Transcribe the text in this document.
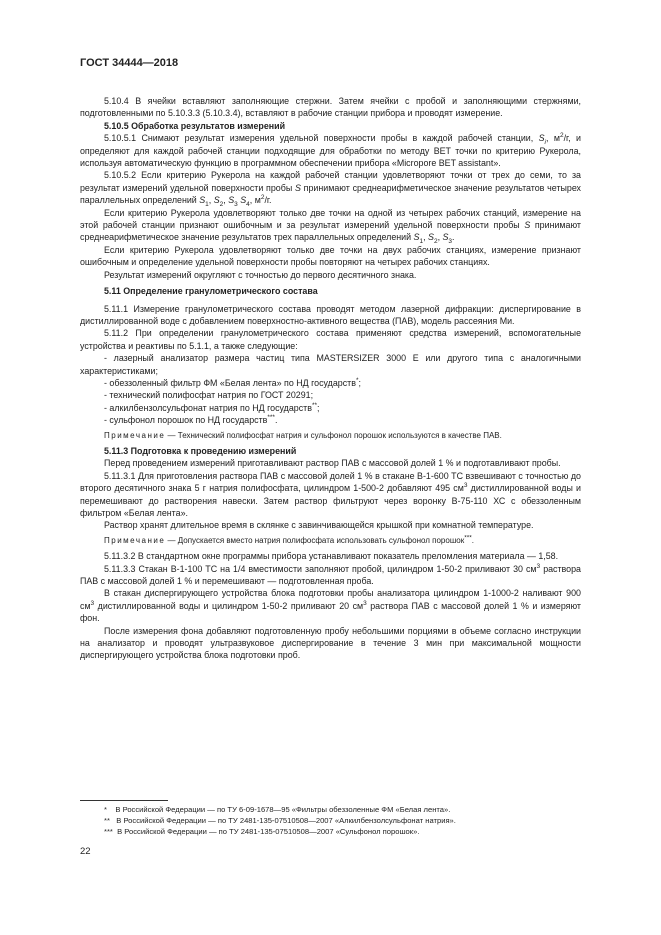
ГОСТ 34444—2018

5.10.4 В ячейки вставляют заполняющие стержни. Затем ячейки с пробой и заполняющими стержнями, подготовленными по 5.10.3.3 (5.10.3.4), вставляют в рабочие станции прибора и проводят измерение.

5.10.5 Обработка результатов измерений

5.10.5.1 Снимают результат измерения удельной поверхности пробы в каждой рабочей станции, $S_i$, $м^2/г$, и определяют для каждой рабочей станции подходящие для обработки по методу BET точки по критерию Рукерола, используя автоматическую функцию в программном обеспечении прибора «Micropore BET assistant».

5.10.5.2 Если критерию Рукерола на каждой рабочей станции удовлетворяют точки от трех до семи, то за результат измерений удельной поверхности пробы S принимают среднеарифметическое значение результатов четырех параллельных определений $S_1$, $S_2$, $S_3$ $S_4$, $м^2/г$.

Если критерию Рукерола удовлетворяют только две точки на одной из четырех рабочих станций, измерение на этой рабочей станции признают ошибочным и за результат измерений удельной поверхности пробы S принимают среднеарифметическое значение результатов трех параллельных определений $S_1$, $S_2$, $S_3$.

Если критерию Рукерола удовлетворяют только две точки на двух рабочих станциях, измерение признают ошибочным и определение удельной поверхности пробы повторяют на четырех рабочих станциях.

Результат измерений округляют с точностью до первого десятичного знака.

5.11 Определение гранулометрического состава

5.11.1 Измерение гранулометрического состава проводят методом лазерной дифракции: диспергирование в дистиллированной воде с добавлением поверхностно-активного вещества (ПАВ), модель рассеяния Ми.

5.11.2 При определении гранулометрического состава применяют средства измерений, вспомогательные устройства и реактивы по 5.1.1, а также следующие:

- лазерный анализатор размера частиц типа MASTERSIZER 3000 E или другого типа с аналогичными характеристиками;

- обеззоленный фильтр ФМ «Белая лента» по НД государств*;

- технический полифосфат натрия по ГОСТ 20291;

- алкилбензолсульфонат натрия по НД государств**;

- сульфонол порошок по НД государств***.

Примечание — Технический полифосфат натрия и сульфонол порошок используются в качестве ПАВ.

5.11.3 Подготовка к проведению измерений

Перед проведением измерений приготавливают раствор ПАВ с массовой долей 1 % и подготавливают пробы.

5.11.3.1 Для приготовления раствора ПАВ с массовой долей 1 % в стакане В-1-600 ТС взвешивают с точностью до второго десятичного знака 5 г натрия полифосфата, цилиндром 1-500-2 добавляют 495 $см^3$ дистиллированной воды и перемешивают до растворения навески. Затем раствор фильтруют через воронку В-75-110 ХС с обеззоленным фильтром «Белая лента».

Раствор хранят длительное время в склянке с завинчивающейся крышкой при комнатной температуре.

Примечание — Допускается вместо натрия полифосфата использовать сульфонол порошок***.

5.11.3.2 В стандартном окне программы прибора устанавливают показатель преломления материала — 1,58.

5.11.3.3 Стакан В-1-100 ТС на 1/4 вместимости заполняют пробой, цилиндром 1-50-2 приливают 30 $см^3$ раствора ПАВ с массовой долей 1 % и перемешивают — подготовленная проба.

В стакан диспергирующего устройства блока подготовки пробы анализатора цилиндром 1-1000-2 наливают 900 $см^3$ дистиллированной воды и цилиндром 1-50-2 приливают 20 $см^3$ раствора ПАВ с массовой долей 1 % и измеряют фон.

После измерения фона добавляют подготовленную пробу небольшими порциями в объеме согласно инструкции на анализатор и проводят ультразвуковое диспергирование в течение 3 мин при максимальной мощности диспергирующего устройства блока подготовки проб.

* В Российской Федерации — по ТУ 6-09-1678—95 «Фильтры обеззоленные ФМ «Белая лента».
** В Российской Федерации — по ТУ 2481-135-07510508—2007 «Алкилбензолсульфонат натрия».
*** В Российской Федерации — по ТУ 2481-135-07510508—2007 «Сульфонол порошок».
22
